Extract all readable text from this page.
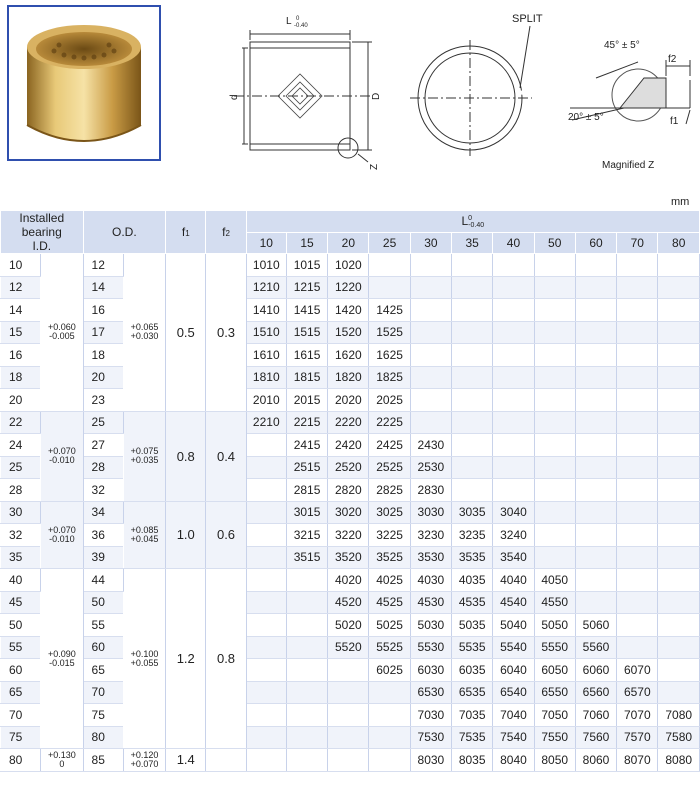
L 0
-0.40
d	D
Z
SPLIT
45° ± 5°
20° ± 5°
f2
f1
Magnified Z
mm
Installed bearing
I.D.		O.D.		f1	f2	L0
-0.40										
						10	15	20	25	30	35	40	50	60	70	80
10	+0.060
-0.005	12	+0.065
+0.030	0.5	0.3	1010	1015	1020								
12		14				1210	1215	1220								
14		16				1410	1415	1420	1425							
15		17				1510	1515	1520	1525							
16		18				1610	1615	1620	1625							
18		20				1810	1815	1820	1825							
20		23				2010	2015	2020	2025							
22	+0.070
-0.010	25	+0.075
+0.035	0.8	0.4	2210	2215	2220	2225							
24		27					2415	2420	2425	2430						
25		28					2515	2520	2525	2530						
28		32					2815	2820	2825	2830						
30	+0.070
-0.010	34	+0.085
+0.045	1.0	0.6		3015	3020	3025	3030	3035	3040				
32		36					3215	3220	3225	3230	3235	3240				
35		39					3515	3520	3525	3530	3535	3540				
40	+0.090
-0.015	44	+0.100
+0.055	1.2	0.8			4020	4025	4030	4035	4040	4050			
45		50						4520	4525	4530	4535	4540	4550			
50		55						5020	5025	5030	5035	5040	5050	5060		
55		60						5520	5525	5530	5535	5540	5550	5560		
60		65							6025	6030	6035	6040	6050	6060	6070	
65		70								6530	6535	6540	6550	6560	6570	
70		75								7030	7035	7040	7050	7060	7070	7080
75		80								7530	7535	7540	7550	7560	7570	7580
80	+0.130
0	85	+0.120
+0.070	1.4						8030	8035	8040	8050	8060	8070	8080
